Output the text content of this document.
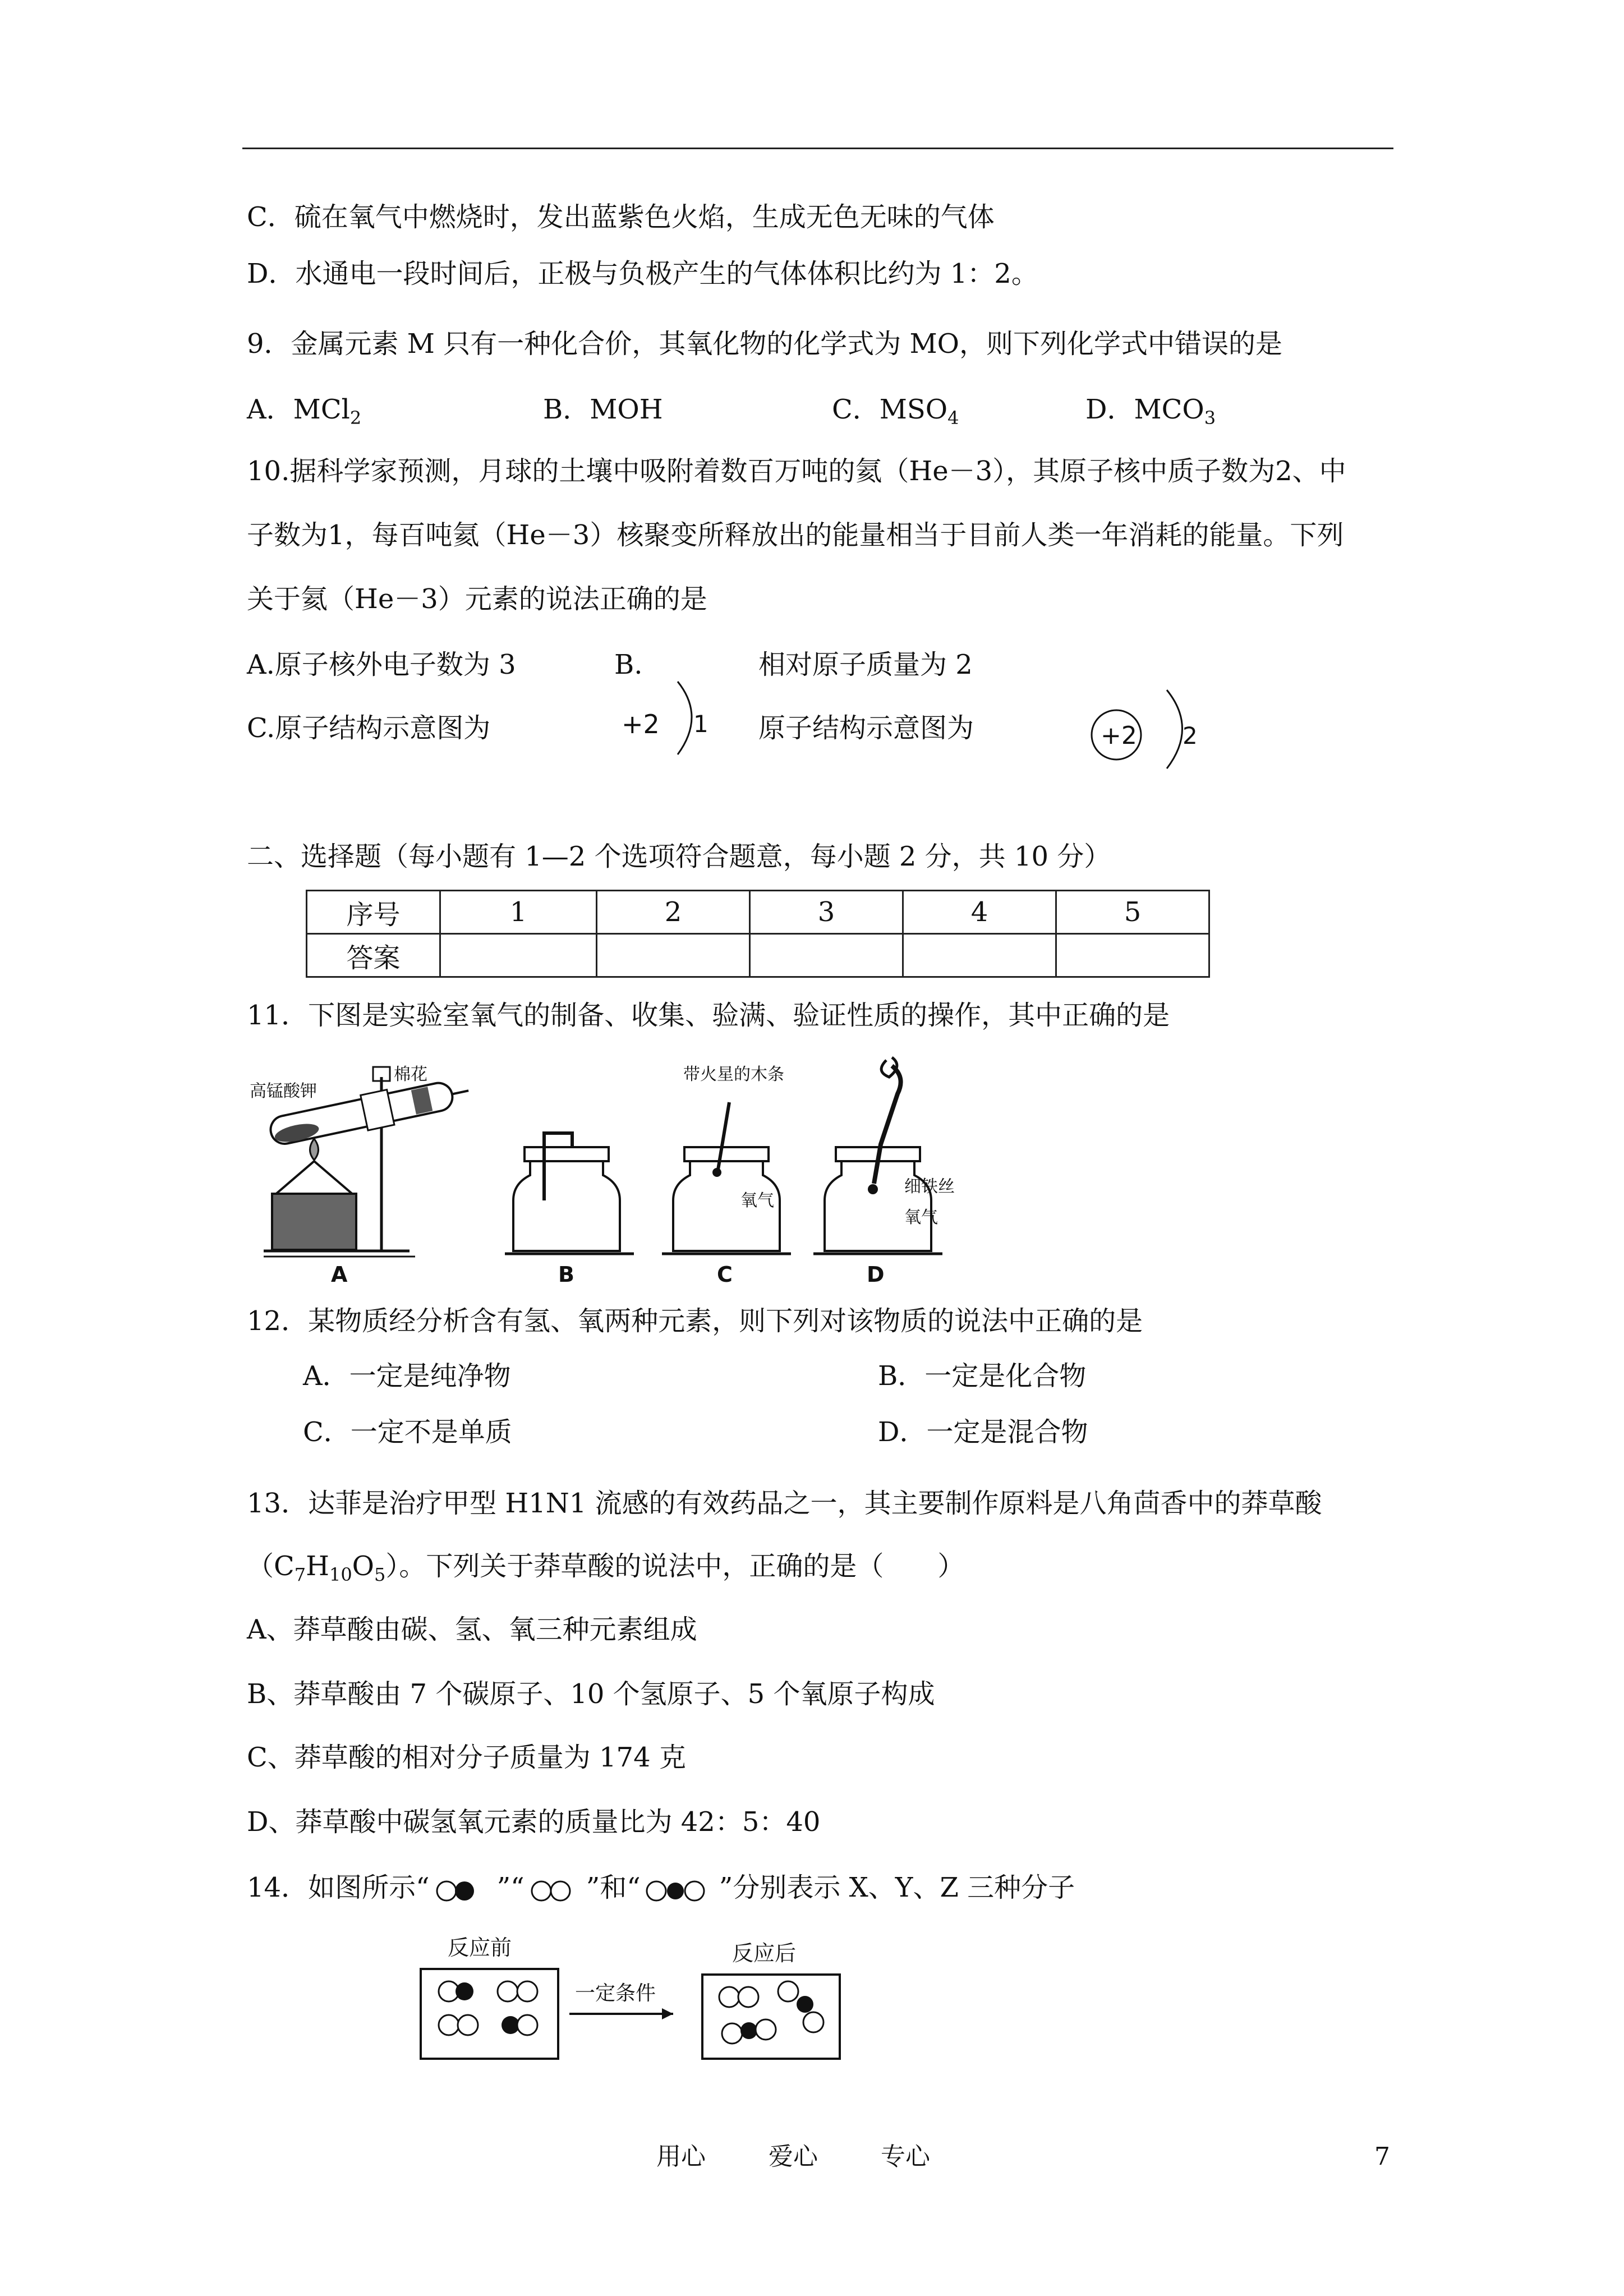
C．硫在氧气中燃烧时，发出蓝紫色火焰，生成无色无味的气体
D．水通电一段时间后，正极与负极产生的气体体积比约为 1：2。
9．金属元素 M 只有一种化合价，其氧化物的化学式为 MO，则下列化学式中错误的是
A．MCl$_2$	B．MOH	C．$MSO_4$	D．$MCO_3$
10.据科学家预测，月球的土壤中吸附着数百万吨的氦（He－3），其原子核中质子数为2、中
子数为1，每百吨氦（He－3）核聚变所释放出的能量相当于目前人类一年消耗的能量。下列
关于氦（He－3）元素的说法正确的是
A.原子核外电子数为 3	B.	相对原子质量为 2
C.原子结构示意图为	原子结构示意图为
+2 1	+2 2
二、选择题（每小题有 1—2 个选项符合题意，每小题 2 分，共 10 分）
序号	1	2	3	4	5
答案					
11．下图是实验室氧气的制备、收集、验满、验证性质的操作，其中正确的是
高锰酸钾
棉花
A	B
带火星的木条
氧气
C
细铁丝
氧气
D
12．某物质经分析含有氢、氧两种元素，则下列对该物质的说法中正确的是
A．一定是纯净物	B．一定是化合物
C．一定不是单质	D．一定是混合物
13．达菲是治疗甲型 H1N1 流感的有效药品之一，其主要制作原料是八角茴香中的莽草酸
$(C_7H_{10}O_5)$。下列关于莽草酸的说法中，正确的是（　　）
A、莽草酸由碳、氢、氧三种元素组成
B、莽草酸由 7 个碳原子、10 个氢原子、5 个氧原子构成
C、莽草酸的相对分子质量为 174 克
D、莽草酸中碳氢氧元素的质量比为 42：5：40
14．如图所示“	”“ ”和“	”分别表示 X、Y、Z 三种分子
反应前
一定条件
反应后
用心	爱心	专心	7
